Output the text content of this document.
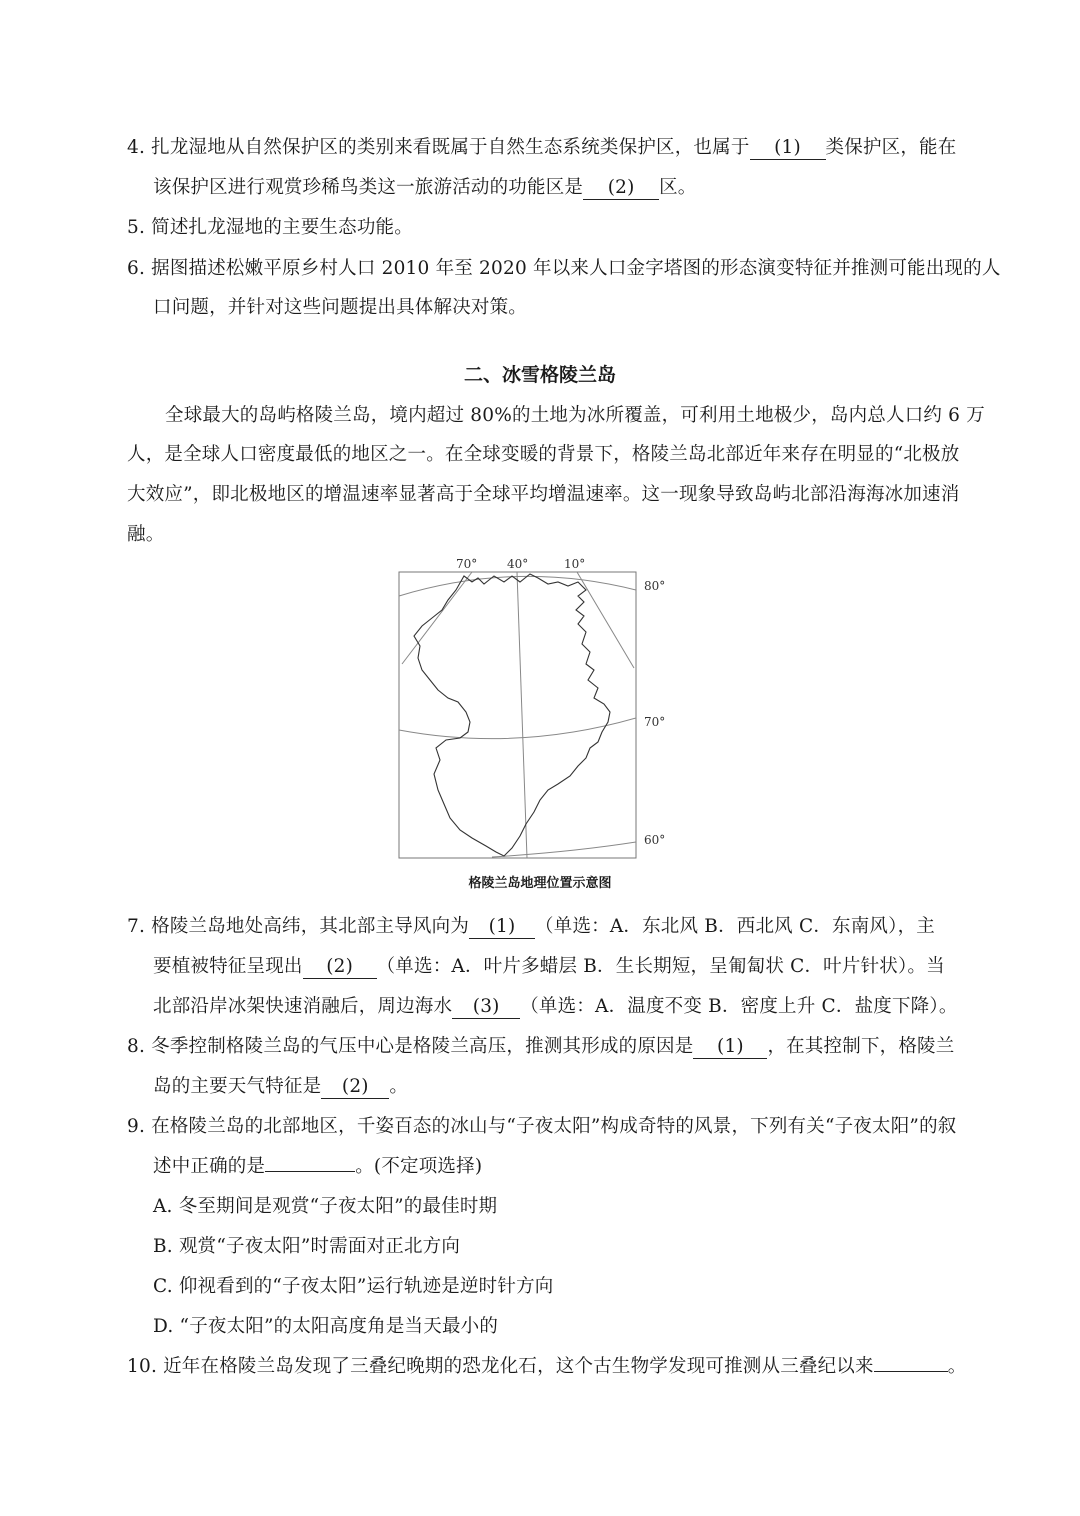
4. 扎龙湿地从自然保护区的类别来看既属于自然生态系统类保护区，也属于 (1) 类保护区，能在
该保护区进行观赏珍稀鸟类这一旅游活动的功能区是 (2) 区。
5. 简述扎龙湿地的主要生态功能。
6. 据图描述松嫩平原乡村人口 2010 年至 2020 年以来人口金字塔图的形态演变特征并推测可能出现的人
口问题，并针对这些问题提出具体解决对策。
二、冰雪格陵兰岛
全球最大的岛屿格陵兰岛，境内超过 80%的土地为冰所覆盖，可利用土地极少，岛内总人口约 6 万
人，是全球人口密度最低的地区之一。在全球变暖的背景下，格陵兰岛北部近年来存在明显的“北极放
大效应”，即北极地区的增温速率显著高于全球平均增温速率。这一现象导致岛屿北部沿海海冰加速消
融。
70° 40°	10°
80°
70°
60°
格陵兰岛地理位置示意图
7. 格陵兰岛地处高纬，其北部主导风向为 (1) （单选：A．东北风 B．西北风 C．东南风），主
要植被特征呈现出 (2) （单选：A．叶片多蜡层 B．生长期短，呈匍匐状 C．叶片针状）。当
北部沿岸冰架快速消融后，周边海水 (3) （单选：A．温度不变 B．密度上升 C．盐度下降）。
8. 冬季控制格陵兰岛的气压中心是格陵兰高压，推测其形成的原因是 (1) ，在其控制下，格陵兰
岛的主要天气特征是 (2) 。
9. 在格陵兰岛的北部地区，千姿百态的冰山与“子夜太阳”构成奇特的风景，下列有关“子夜太阳”的叙
述中正确的是	。(不定项选择)
A. 冬至期间是观赏“子夜太阳”的最佳时期
B. 观赏“子夜太阳”时需面对正北方向
C. 仰视看到的“子夜太阳”运行轨迹是逆时针方向
D. “子夜太阳”的太阳高度角是当天最小的
10. 近年在格陵兰岛发现了三叠纪晚期的恐龙化石，这个古生物学发现可推测从三叠纪以来	。
